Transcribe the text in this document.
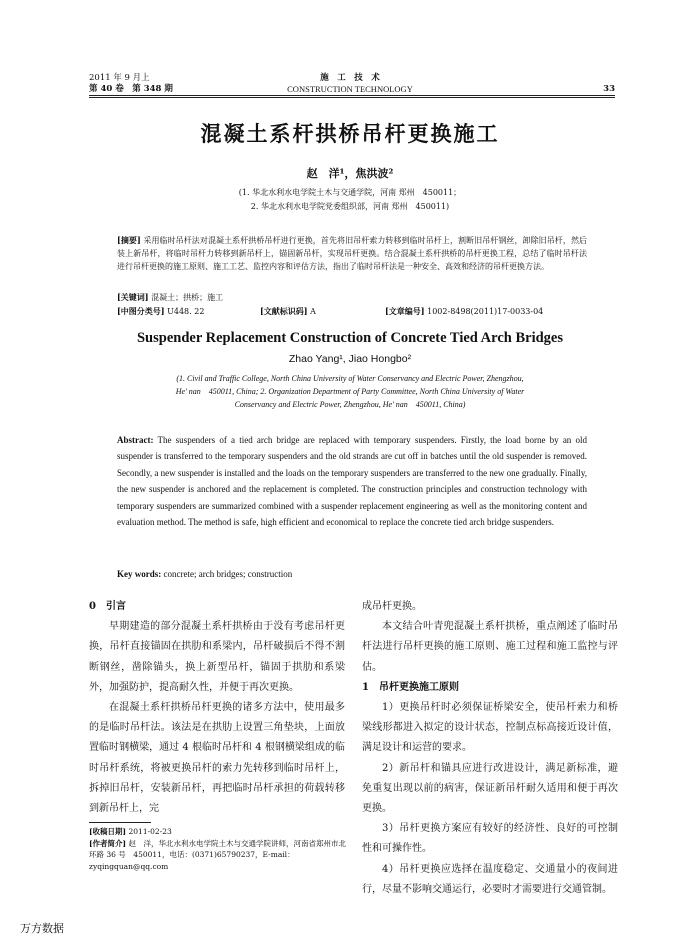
2011 年 9 月上
第 40 卷　第 348 期
施　工　技　术
CONSTRUCTION TECHNOLOGY	33
混凝土系杆拱桥吊杆更换施工
赵　洋¹，焦洪波²
(1. 华北水利水电学院土木与交通学院，河南 郑州　450011；
2. 华北水利水电学院党委组织部，河南 郑州　450011)
[摘要] 采用临时吊杆法对混凝土系杆拱桥吊杆进行更换，首先将旧吊杆索力转移到临时吊杆上，割断旧吊杆钢丝，卸除旧吊杆，然后装上新吊杆，将临时吊杆力转移到新吊杆上，锚固新吊杆，实现吊杆更换。结合混凝土系杆拱桥的吊杆更换工程，总结了临时吊杆法进行吊杆更换的施工原则、施工工艺、监控内容和评估方法，指出了临时吊杆法是一种安全、高效和经济的吊杆更换方法。
[关键词] 混凝土；拱桥；施工
[中图分类号] U448. 22	[文献标识码] A	[文章编号] 1002-8498(2011)17-0033-04
Suspender Replacement Construction of Concrete Tied Arch Bridges
Zhao Yang¹, Jiao Hongbo²
(1. Civil and Traffic College, North China University of Water Conservancy and Electric Power, Zhengzhou,
He' nan　450011, China; 2. Organization Department of Party Committee, North China University of Water
Conservancy and Electric Power, Zhengzhou, He' nan　450011, China)
Abstract: The suspenders of a tied arch bridge are replaced with temporary suspenders. Firstly, the load borne by an old suspender is transferred to the temporary suspenders and the old strands are cut off in batches until the old suspender is removed. Secondly, a new suspender is installed and the loads on the temporary suspenders are transferred to the new one gradually. Finally, the new suspender is anchored and the replacement is completed. The construction principles and construction technology with temporary suspenders are summarized combined with a suspender replacement engineering as well as the monitoring content and evaluation method. The method is safe, high efficient and economical to replace the concrete tied arch bridge suspenders.
Key words: concrete; arch bridges; construction
0　引言

早期建造的部分混凝土系杆拱桥由于没有考虑吊杆更换，吊杆直接锚固在拱肋和系梁内，吊杆破损后不得不割断钢丝，凿除锚头，换上新型吊杆，锚固于拱肋和系梁外，加强防护，提高耐久性，并便于再次更换。

在混凝土系杆拱桥吊杆更换的诸多方法中，使用最多的是临时吊杆法。该法是在拱肋上设置三角垫块，上面放置临时钢横梁，通过 4 根临时吊杆和 4 根钢横梁组成的临时吊杆系统，将被更换吊杆的索力先转移到临时吊杆上，拆掉旧吊杆，安装新吊杆，再把临时吊杆承担的荷载转移到新吊杆上，完

成吊杆更换。

本文结合叶青兜混凝土系杆拱桥，重点阐述了临时吊杆法进行吊杆更换的施工原则、施工过程和施工监控与评估。

1　吊杆更换施工原则

1）更换吊杆时必须保证桥梁安全，使吊杆索力和桥梁线形都进入拟定的设计状态，控制点标高接近设计值，满足设计和运营的要求。

2）新吊杆和锚具应进行改进设计，满足新标准，避免重复出现以前的病害，保证新吊杆耐久适用和便于再次更换。

3）吊杆更换方案应有较好的经济性、良好的可控制性和可操作性。

4）吊杆更换应选择在温度稳定、交通量小的夜间进行，尽量不影响交通运行，必要时才需要进行交通管制。

[收稿日期] 2011-02-23
[作者简介] 赵　洋，华北水利水电学院土木与交通学院讲师，河南省郑州市北环路 36 号　450011，电话：(0371)65790237，E-mail：zyqingquan@qq.com
万方数据
